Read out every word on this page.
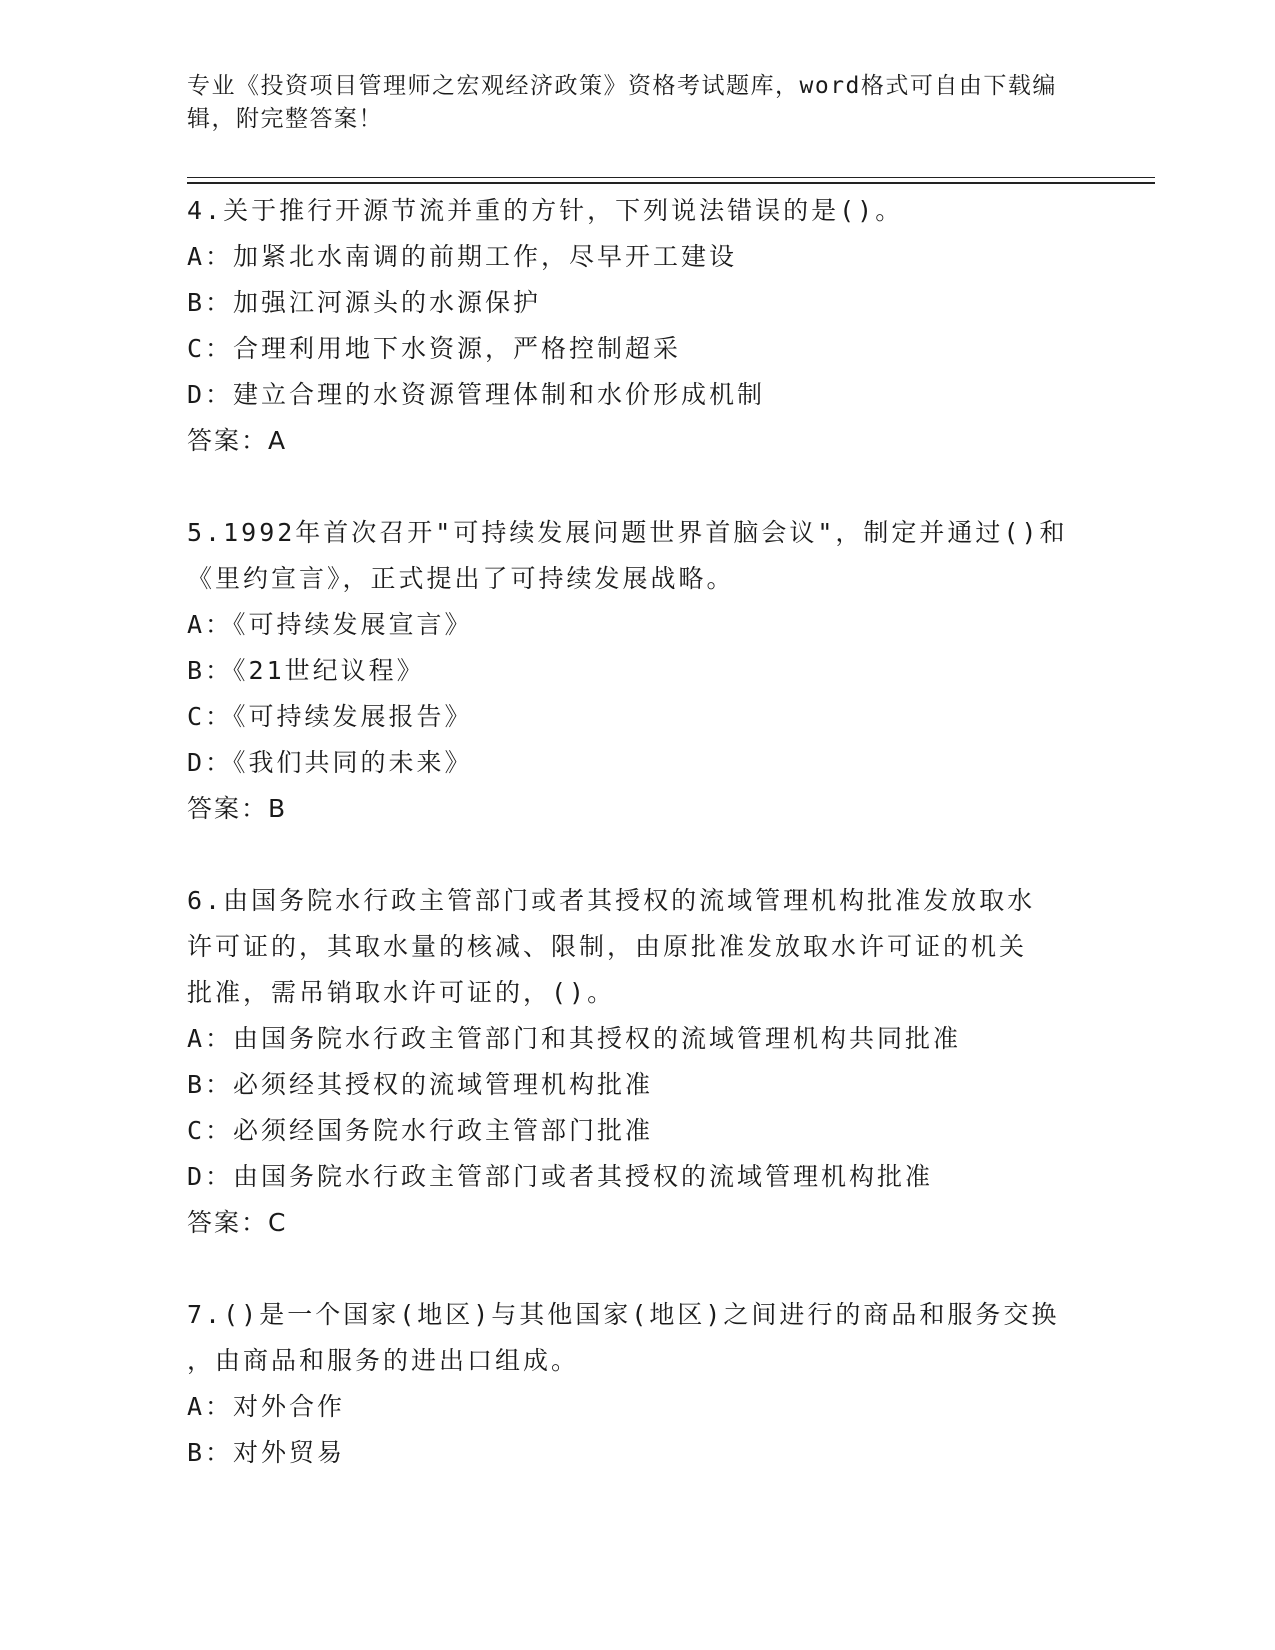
专业《投资项目管理师之宏观经济政策》资格考试题库，word格式可自由下载编
辑，附完整答案！
4.关于推行开源节流并重的方针，下列说法错误的是()。
A：加紧北水南调的前期工作，尽早开工建设
B：加强江河源头的水源保护
C：合理利用地下水资源，严格控制超采
D：建立合理的水资源管理体制和水价形成机制
答案：A
5.1992年首次召开"可持续发展问题世界首脑会议"，制定并通过()和
《里约宣言》，正式提出了可持续发展战略。
A：《可持续发展宣言》
B：《21世纪议程》
C：《可持续发展报告》
D：《我们共同的未来》
答案：B
6.由国务院水行政主管部门或者其授权的流域管理机构批准发放取水
许可证的，其取水量的核减、限制，由原批准发放取水许可证的机关
批准，需吊销取水许可证的，()。
A：由国务院水行政主管部门和其授权的流域管理机构共同批准
B：必须经其授权的流域管理机构批准
C：必须经国务院水行政主管部门批准
D：由国务院水行政主管部门或者其授权的流域管理机构批准
答案：C
7.()是一个国家(地区)与其他国家(地区)之间进行的商品和服务交换
，由商品和服务的进出口组成。
A：对外合作
B：对外贸易
